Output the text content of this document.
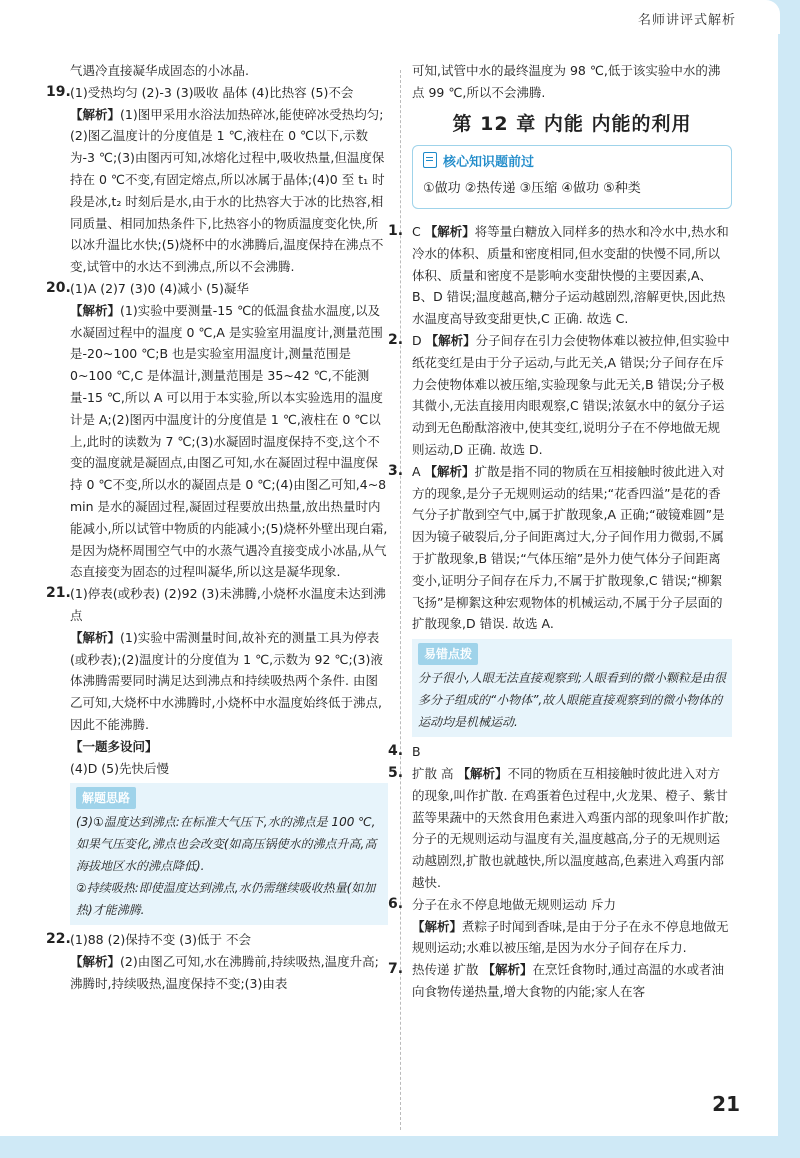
名师讲评式解析

气遇冷直接凝华成固态的小冰晶.

19. (1)受热均匀 (2)-3 (3)吸收 晶体 (4)比热容 (5)不会

【解析】(1)图甲采用水浴法加热碎冰,能使碎冰受热均匀;(2)图乙温度计的分度值是 1 ℃,液柱在 0 ℃以下,示数为-3 ℃;(3)由图丙可知,冰熔化过程中,吸收热量,但温度保持在 0 ℃不变,有固定熔点,所以冰属于晶体;(4)0 至 t₁ 时段是冰,t₂ 时刻后是水,由于水的比热容大于冰的比热容,相同质量、相同加热条件下,比热容小的物质温度变化快,所以冰升温比水快;(5)烧杯中的水沸腾后,温度保持在沸点不变,试管中的水达不到沸点,所以不会沸腾.

20. (1)A (2)7 (3)0 (4)减小 (5)凝华

【解析】(1)实验中要测量-15 ℃的低温食盐水温度,以及水凝固过程中的温度 0 ℃,A 是实验室用温度计,测量范围是-20~100 ℃;B 也是实验室用温度计,测量范围是 0~100 ℃,C 是体温计,测量范围是 35~42 ℃,不能测量-15 ℃,所以 A 可以用于本实验,所以本实验选用的温度计是 A;(2)图丙中温度计的分度值是 1 ℃,液柱在 0 ℃以上,此时的读数为 7 ℃;(3)水凝固时温度保持不变,这个不变的温度就是凝固点,由图乙可知,水在凝固过程中温度保持 0 ℃不变,所以水的凝固点是 0 ℃;(4)由图乙可知,4~8 min 是水的凝固过程,凝固过程要放出热量,放出热量时内能减小,所以试管中物质的内能减小;(5)烧杯外壁出现白霜,是因为烧杯周围空气中的水蒸气遇冷直接变成小冰晶,从气态直接变为固态的过程叫凝华,所以这是凝华现象.

21. (1)停表(或秒表) (2)92 (3)未沸腾,小烧杯水温度未达到沸点

【解析】(1)实验中需测量时间,故补充的测量工具为停表(或秒表);(2)温度计的分度值为 1 ℃,示数为 92 ℃;(3)液体沸腾需要同时满足达到沸点和持续吸热两个条件. 由图乙可知,大烧杯中水沸腾时,小烧杯中水温度始终低于沸点,因此不能沸腾.

【一题多设问】

(4)D (5)先快后慢

解题思路

(3)①温度达到沸点:在标准大气压下,水的沸点是 100 ℃,如果气压变化,沸点也会改变(如高压锅使水的沸点升高,高海拔地区水的沸点降低).

②持续吸热:即使温度达到沸点,水仍需继续吸收热量(如加热)才能沸腾.

22. (1)88 (2)保持不变 (3)低于 不会

【解析】(2)由图乙可知,水在沸腾前,持续吸热,温度升高;沸腾时,持续吸热,温度保持不变;(3)由表

可知,试管中水的最终温度为 98 ℃,低于该实验中水的沸点 99 ℃,所以不会沸腾.

第 12 章 内能 内能的利用
核心知识题前过
①做功 ②热传递 ③压缩 ④做功 ⑤种类
1. C 【解析】将等量白糖放入同样多的热水和冷水中,热水和冷水的体积、质量和密度相同,但水变甜的快慢不同,所以体积、质量和密度不是影响水变甜快慢的主要因素,A、B、D 错误;温度越高,糖分子运动越剧烈,溶解更快,因此热水温度高导致变甜更快,C 正确. 故选 C.

2. D 【解析】分子间存在引力会使物体难以被拉伸,但实验中纸花变红是由于分子运动,与此无关,A 错误;分子间存在斥力会使物体难以被压缩,实验现象与此无关,B 错误;分子极其微小,无法直接用肉眼观察,C 错误;浓氨水中的氨分子运动到无色酚酞溶液中,使其变红,说明分子在不停地做无规则运动,D 正确. 故选 D.

3. A 【解析】扩散是指不同的物质在互相接触时彼此进入对方的现象,是分子无规则运动的结果;“花香四溢”是花的香气分子扩散到空气中,属于扩散现象,A 正确;“破镜难圆”是因为镜子破裂后,分子间距离过大,分子间作用力微弱,不属于扩散现象,B 错误;“气体压缩”是外力使气体分子间距离变小,证明分子间存在斥力,不属于扩散现象,C 错误;“柳絮飞扬”是柳絮这种宏观物体的机械运动,不属于分子层面的扩散现象,D 错误. 故选 A.

易错点拨

分子很小,人眼无法直接观察到;人眼看到的微小颗粒是由很多分子组成的“小物体”,故人眼能直接观察到的微小物体的运动均是机械运动.

4. B

5. 扩散 高 【解析】不同的物质在互相接触时彼此进入对方的现象,叫作扩散. 在鸡蛋着色过程中,火龙果、橙子、紫甘蓝等果蔬中的天然食用色素进入鸡蛋内部的现象叫作扩散;分子的无规则运动与温度有关,温度越高,分子的无规则运动越剧烈,扩散也就越快,所以温度越高,色素进入鸡蛋内部越快.

6. 分子在永不停息地做无规则运动 斥力

【解析】煮粽子时闻到香味,是由于分子在永不停息地做无规则运动;水难以被压缩,是因为水分子间存在斥力.

7. 热传递 扩散 【解析】在烹饪食物时,通过高温的水或者油向食物传递热量,增大食物的内能;家人在客

21
